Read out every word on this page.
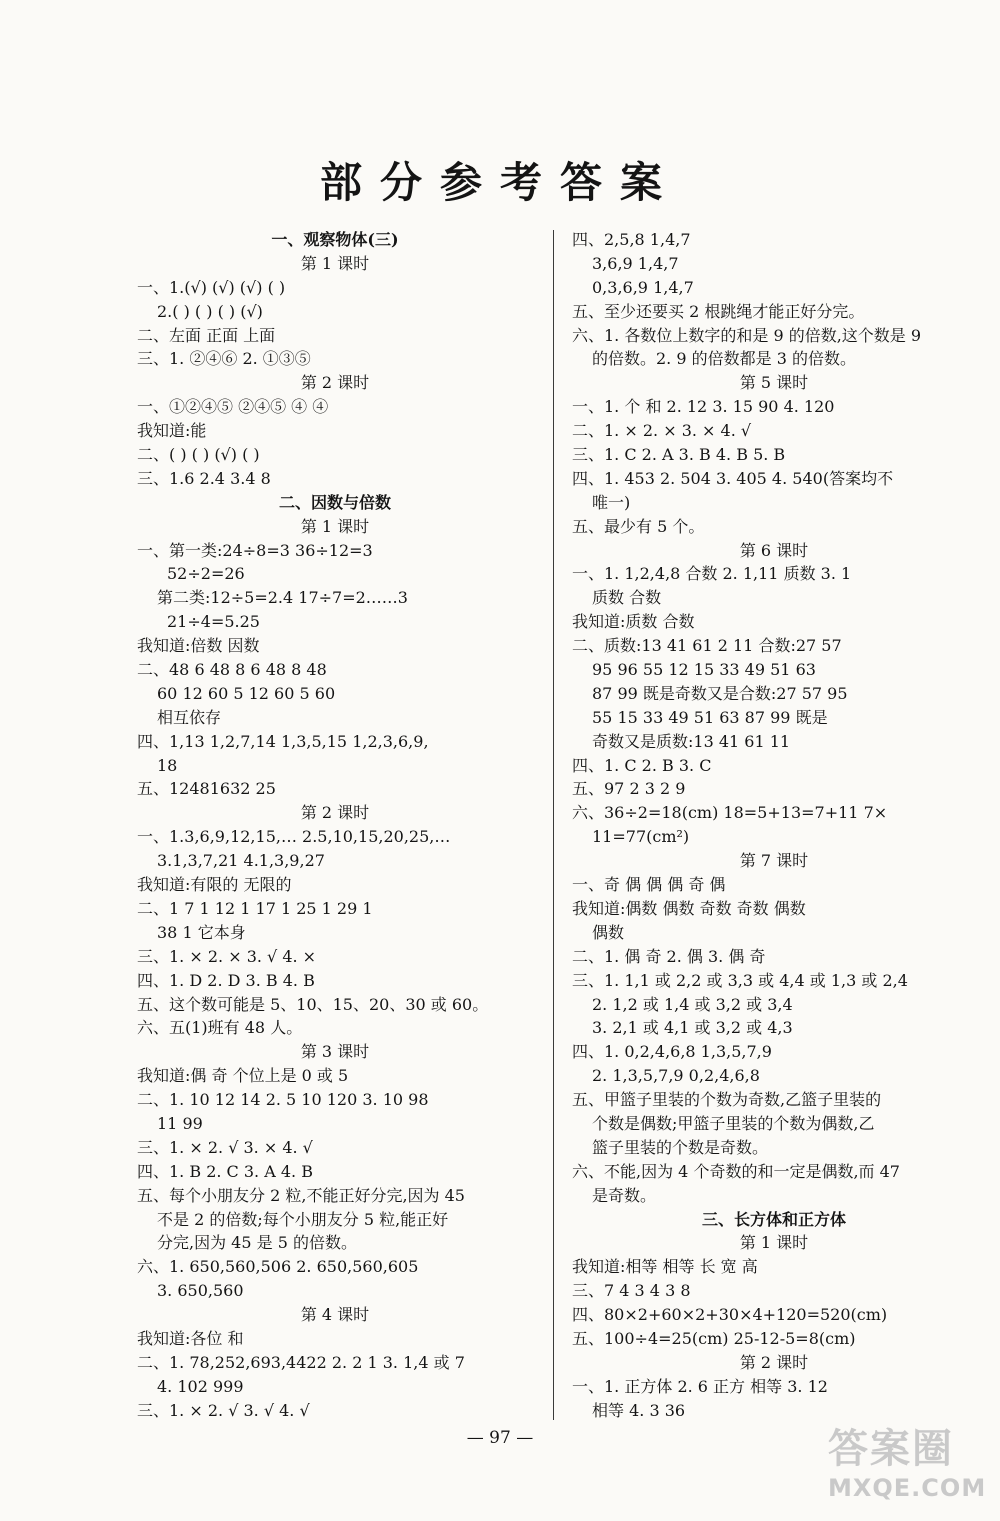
部分参考答案
一、观察物体(三)
第 1 课时
一、1.(√) (√) (√) ( )
2.( ) ( ) ( ) (√)
二、左面 正面 上面
三、1. ②④⑥ 2. ①③⑤
第 2 课时
一、①②④⑤ ②④⑤ ④ ④
我知道:能
二、( ) ( ) (√) ( )
三、1.6 2.4 3.4 8
二、因数与倍数
第 1 课时
一、第一类:24÷8=3 36÷12=3
52÷2=26
第二类:12÷5=2.4 17÷7=2……3
21÷4=5.25
我知道:倍数 因数
二、48 6 48 8 6 48 8 48
60 12 60 5 12 60 5 60
相互依存
四、1,13 1,2,7,14 1,3,5,15 1,2,3,6,9,
18
五、12481632 25
第 2 课时
一、1.3,6,9,12,15,… 2.5,10,15,20,25,…
3.1,3,7,21 4.1,3,9,27
我知道:有限的 无限的
二、1 7 1 12 1 17 1 25 1 29 1
38 1 它本身
三、1. × 2. × 3. √ 4. ×
四、1. D 2. D 3. B 4. B
五、这个数可能是 5、10、15、20、30 或 60。
六、五(1)班有 48 人。
第 3 课时
我知道:偶 奇 个位上是 0 或 5
二、1. 10 12 14 2. 5 10 120 3. 10 98
11 99
三、1. × 2. √ 3. × 4. √
四、1. B 2. C 3. A 4. B
五、每个小朋友分 2 粒,不能正好分完,因为 45
不是 2 的倍数;每个小朋友分 5 粒,能正好
分完,因为 45 是 5 的倍数。
六、1. 650,560,506 2. 650,560,605
3. 650,560
第 4 课时
我知道:各位 和
二、1. 78,252,693,4422 2. 2 1 3. 1,4 或 7
4. 102 999
三、1. × 2. √ 3. √ 4. √
四、2,5,8 1,4,7
3,6,9 1,4,7
0,3,6,9 1,4,7
五、至少还要买 2 根跳绳才能正好分完。
六、1. 各数位上数字的和是 9 的倍数,这个数是 9
的倍数。2. 9 的倍数都是 3 的倍数。
第 5 课时
一、1. 个 和 2. 12 3. 15 90 4. 120
二、1. × 2. × 3. × 4. √
三、1. C 2. A 3. B 4. B 5. B
四、1. 453 2. 504 3. 405 4. 540(答案均不
唯一)
五、最少有 5 个。
第 6 课时
一、1. 1,2,4,8 合数 2. 1,11 质数 3. 1
质数 合数
我知道:质数 合数
二、质数:13 41 61 2 11 合数:27 57
95 96 55 12 15 33 49 51 63
87 99 既是奇数又是合数:27 57 95
55 15 33 49 51 63 87 99 既是
奇数又是质数:13 41 61 11
四、1. C 2. B 3. C
五、97 2 3 2 9
六、36÷2=18(cm) 18=5+13=7+11 7×
11=77(cm²)
第 7 课时
一、奇 偶 偶 偶 奇 偶
我知道:偶数 偶数 奇数 奇数 偶数
偶数
二、1. 偶 奇 2. 偶 3. 偶 奇
三、1. 1,1 或 2,2 或 3,3 或 4,4 或 1,3 或 2,4
2. 1,2 或 1,4 或 3,2 或 3,4
3. 2,1 或 4,1 或 3,2 或 4,3
四、1. 0,2,4,6,8 1,3,5,7,9
2. 1,3,5,7,9 0,2,4,6,8
五、甲篮子里装的个数为奇数,乙篮子里装的
个数是偶数;甲篮子里装的个数为偶数,乙
篮子里装的个数是奇数。
六、不能,因为 4 个奇数的和一定是偶数,而 47
是奇数。
三、长方体和正方体
第 1 课时
我知道:相等 相等 长 宽 高
三、7 4 3 4 3 8
四、80×2+60×2+30×4+120=520(cm)
五、100÷4=25(cm) 25-12-5=8(cm)
第 2 课时
一、1. 正方体 2. 6 正方 相等 3. 12
相等 4. 3 36
— 97 —	答案圈
MXQE.COM
